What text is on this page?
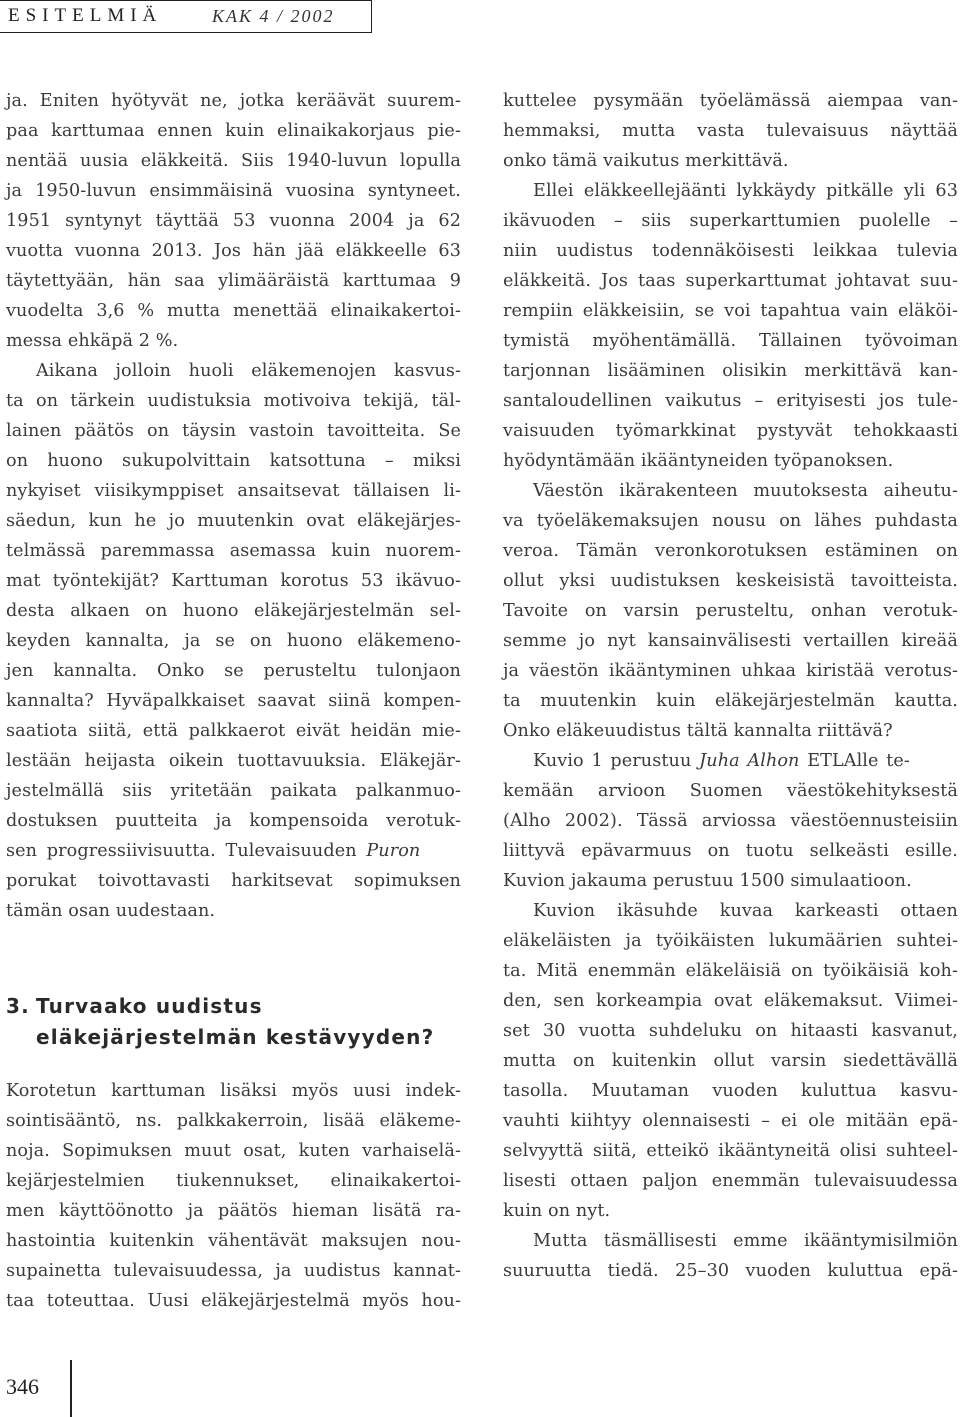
ESITELMIÄ	KAK 4 / 2002
ja. Eniten hyötyvät ne, jotka keräävät suurem-
paa karttumaa ennen kuin elinaikakorjaus pie-
nentää uusia eläkkeitä. Siis 1940-luvun lopulla
ja 1950-luvun ensimmäisinä vuosina syntyneet.
1951 syntynyt täyttää 53 vuonna 2004 ja 62
vuotta vuonna 2013. Jos hän jää eläkkeelle 63
täytettyään, hän saa ylimääräistä karttumaa 9
vuodelta 3,6 % mutta menettää elinaikakertoi-
messa ehkäpä 2 %.
Aikana jolloin huoli eläkemenojen kasvus-
ta on tärkein uudistuksia motivoiva tekijä, täl-
lainen päätös on täysin vastoin tavoitteita. Se
on huono sukupolvittain katsottuna – miksi
nykyiset viisikymppiset ansaitsevat tällaisen li-
säedun, kun he jo muutenkin ovat eläkejärjes-
telmässä paremmassa asemassa kuin nuorem-
mat työntekijät? Karttuman korotus 53 ikävuo-
desta alkaen on huono eläkejärjestelmän sel-
keyden kannalta, ja se on huono eläkemeno-
jen kannalta. Onko se perusteltu tulonjaon
kannalta? Hyväpalkkaiset saavat siinä kompen-
saatiota siitä, että palkkaerot eivät heidän mie-
lestään heijasta oikein tuottavuuksia. Eläkejär-
jestelmällä siis yritetään paikata palkanmuo-
dostuksen puutteita ja kompensoida verotuk-
sen progressiivisuutta. Tulevaisuuden Puron
porukat toivottavasti harkitsevat sopimuksen
tämän osan uudestaan.
3. Turvaako uudistus
eläkejärjestelmän kestävyyden?
Korotetun karttuman lisäksi myös uusi indek-
sointisääntö, ns. palkkakerroin, lisää eläkeme-
noja. Sopimuksen muut osat, kuten varhaiselä-
kejärjestelmien tiukennukset, elinaikakertoi-
men käyttöönotto ja päätös hieman lisätä ra-
hastointia kuitenkin vähentävät maksujen nou-
supainetta tulevaisuudessa, ja uudistus kannat-
taa toteuttaa. Uusi eläkejärjestelmä myös hou-
kuttelee pysymään työelämässä aiempaa van-
hemmaksi, mutta vasta tulevaisuus näyttää
onko tämä vaikutus merkittävä.
Ellei eläkkeellejäänti lykkäydy pitkälle yli 63
ikävuoden – siis superkarttumien puolelle –
niin uudistus todennäköisesti leikkaa tulevia
eläkkeitä. Jos taas superkarttumat johtavat suu-
rempiin eläkkeisiin, se voi tapahtua vain eläköi-
tymistä myöhentämällä. Tällainen työvoiman
tarjonnan lisääminen olisikin merkittävä kan-
santaloudellinen vaikutus – erityisesti jos tule-
vaisuuden työmarkkinat pystyvät tehokkaasti
hyödyntämään ikääntyneiden työpanoksen.
Väestön ikärakenteen muutoksesta aiheutu-
va työeläkemaksujen nousu on lähes puhdasta
veroa. Tämän veronkorotuksen estäminen on
ollut yksi uudistuksen keskeisistä tavoitteista.
Tavoite on varsin perusteltu, onhan verotuk-
semme jo nyt kansainvälisesti vertaillen kireää
ja väestön ikääntyminen uhkaa kiristää verotus-
ta muutenkin kuin eläkejärjestelmän kautta.
Onko eläkeuudistus tältä kannalta riittävä?
Kuvio 1 perustuu Juha Alhon ETLAlle te-
kemään arvioon Suomen väestökehityksestä
(Alho 2002). Tässä arviossa väestöennusteisiin
liittyvä epävarmuus on tuotu selkeästi esille.
Kuvion jakauma perustuu 1500 simulaatioon.
Kuvion ikäsuhde kuvaa karkeasti ottaen
eläkeläisten ja työikäisten lukumäärien suhtei-
ta. Mitä enemmän eläkeläisiä on työikäisiä koh-
den, sen korkeampia ovat eläkemaksut. Viimei-
set 30 vuotta suhdeluku on hitaasti kasvanut,
mutta on kuitenkin ollut varsin siedettävällä
tasolla. Muutaman vuoden kuluttua kasvu-
vauhti kiihtyy olennaisesti – ei ole mitään epä-
selvyyttä siitä, etteikö ikääntyneitä olisi suhteel-
lisesti ottaen paljon enemmän tulevaisuudessa
kuin on nyt.
Mutta täsmällisesti emme ikääntymisilmiön
suuruutta tiedä. 25–30 vuoden kuluttua epä-
346
